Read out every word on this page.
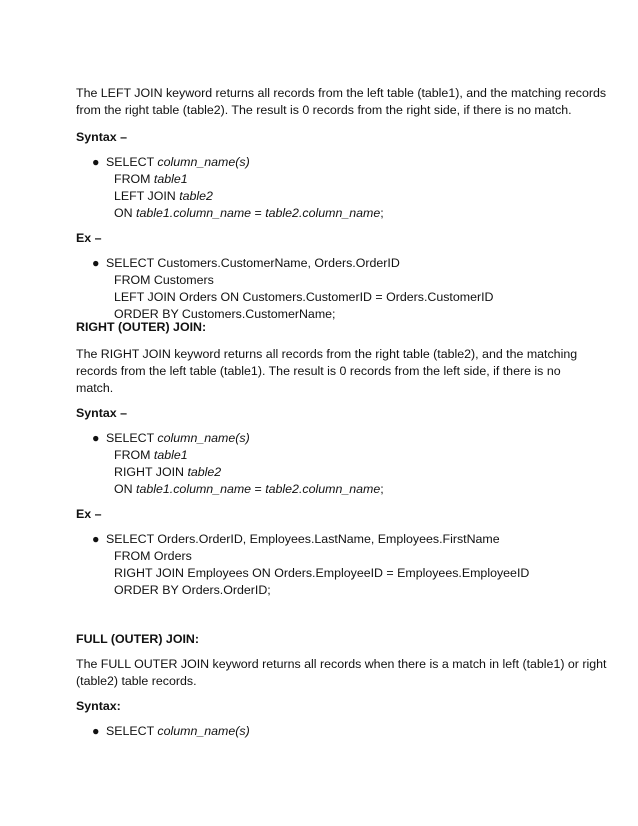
The LEFT JOIN keyword returns all records from the left table (table1), and the matching records
from the right table (table2). The result is 0 records from the right side, if there is no match.
Syntax –
● SELECT column_name(s)
FROM table1
LEFT JOIN table2
ON table1.column_name = table2.column_name;
Ex –
● SELECT Customers.CustomerName, Orders.OrderID
FROM Customers
LEFT JOIN Orders ON Customers.CustomerID = Orders.CustomerID
ORDER BY Customers.CustomerName;
RIGHT (OUTER) JOIN:
The RIGHT JOIN keyword returns all records from the right table (table2), and the matching
records from the left table (table1). The result is 0 records from the left side, if there is no
match.
Syntax –
● SELECT column_name(s)
FROM table1
RIGHT JOIN table2
ON table1.column_name = table2.column_name;
Ex –
● SELECT Orders.OrderID, Employees.LastName, Employees.FirstName
FROM Orders
RIGHT JOIN Employees ON Orders.EmployeeID = Employees.EmployeeID
ORDER BY Orders.OrderID;
FULL (OUTER) JOIN:
The FULL OUTER JOIN keyword returns all records when there is a match in left (table1) or right
(table2) table records.
Syntax:
● SELECT column_name(s)
